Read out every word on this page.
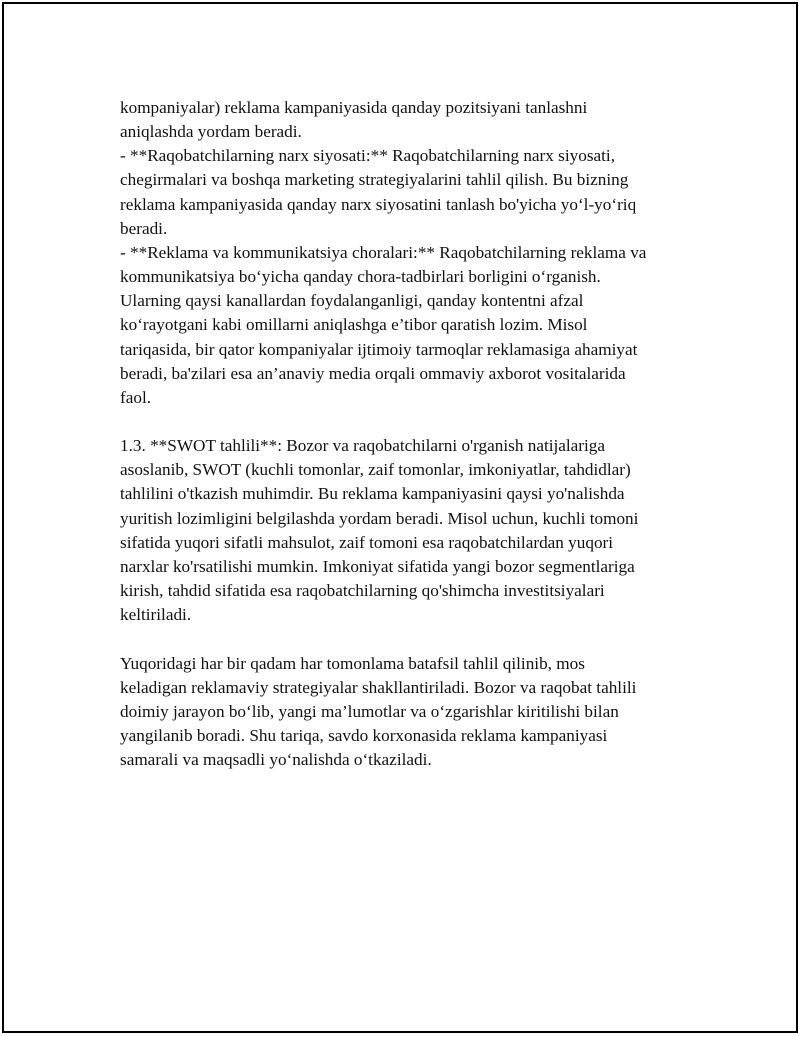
kompaniyalar) reklama kampaniyasida qanday pozitsiyani tanlashni
aniqlashda yordam beradi.
- **Raqobatchilarning narx siyosati:** Raqobatchilarning narx siyosati,
chegirmalari va boshqa marketing strategiyalarini tahlil qilish. Bu bizning
reklama kampaniyasida qanday narx siyosatini tanlash bo'yicha yo‘l-yo‘riq
beradi.
- **Reklama va kommunikatsiya choralari:** Raqobatchilarning reklama va
kommunikatsiya bo‘yicha qanday chora-tadbirlari borligini o‘rganish.
Ularning qaysi kanallardan foydalanganligi, qanday kontentni afzal
ko‘rayotgani kabi omillarni aniqlashga e’tibor qaratish lozim. Misol
tariqasida, bir qator kompaniyalar ijtimoiy tarmoqlar reklamasiga ahamiyat
beradi, ba'zilari esa an’anaviy media orqali ommaviy axborot vositalarida
faol.
1.3. **SWOT tahlili**: Bozor va raqobatchilarni o'rganish natijalariga
asoslanib, SWOT (kuchli tomonlar, zaif tomonlar, imkoniyatlar, tahdidlar)
tahlilini o'tkazish muhimdir. Bu reklama kampaniyasini qaysi yo'nalishda
yuritish lozimligini belgilashda yordam beradi. Misol uchun, kuchli tomoni
sifatida yuqori sifatli mahsulot, zaif tomoni esa raqobatchilardan yuqori
narxlar ko'rsatilishi mumkin. Imkoniyat sifatida yangi bozor segmentlariga
kirish, tahdid sifatida esa raqobatchilarning qo'shimcha investitsiyalari
keltiriladi.
Yuqoridagi har bir qadam har tomonlama batafsil tahlil qilinib, mos
keladigan reklamaviy strategiyalar shakllantiriladi. Bozor va raqobat tahlili
doimiy jarayon bo‘lib, yangi ma’lumotlar va o‘zgarishlar kiritilishi bilan
yangilanib boradi. Shu tariqa, savdo korxonasida reklama kampaniyasi
samarali va maqsadli yo‘nalishda o‘tkaziladi.
